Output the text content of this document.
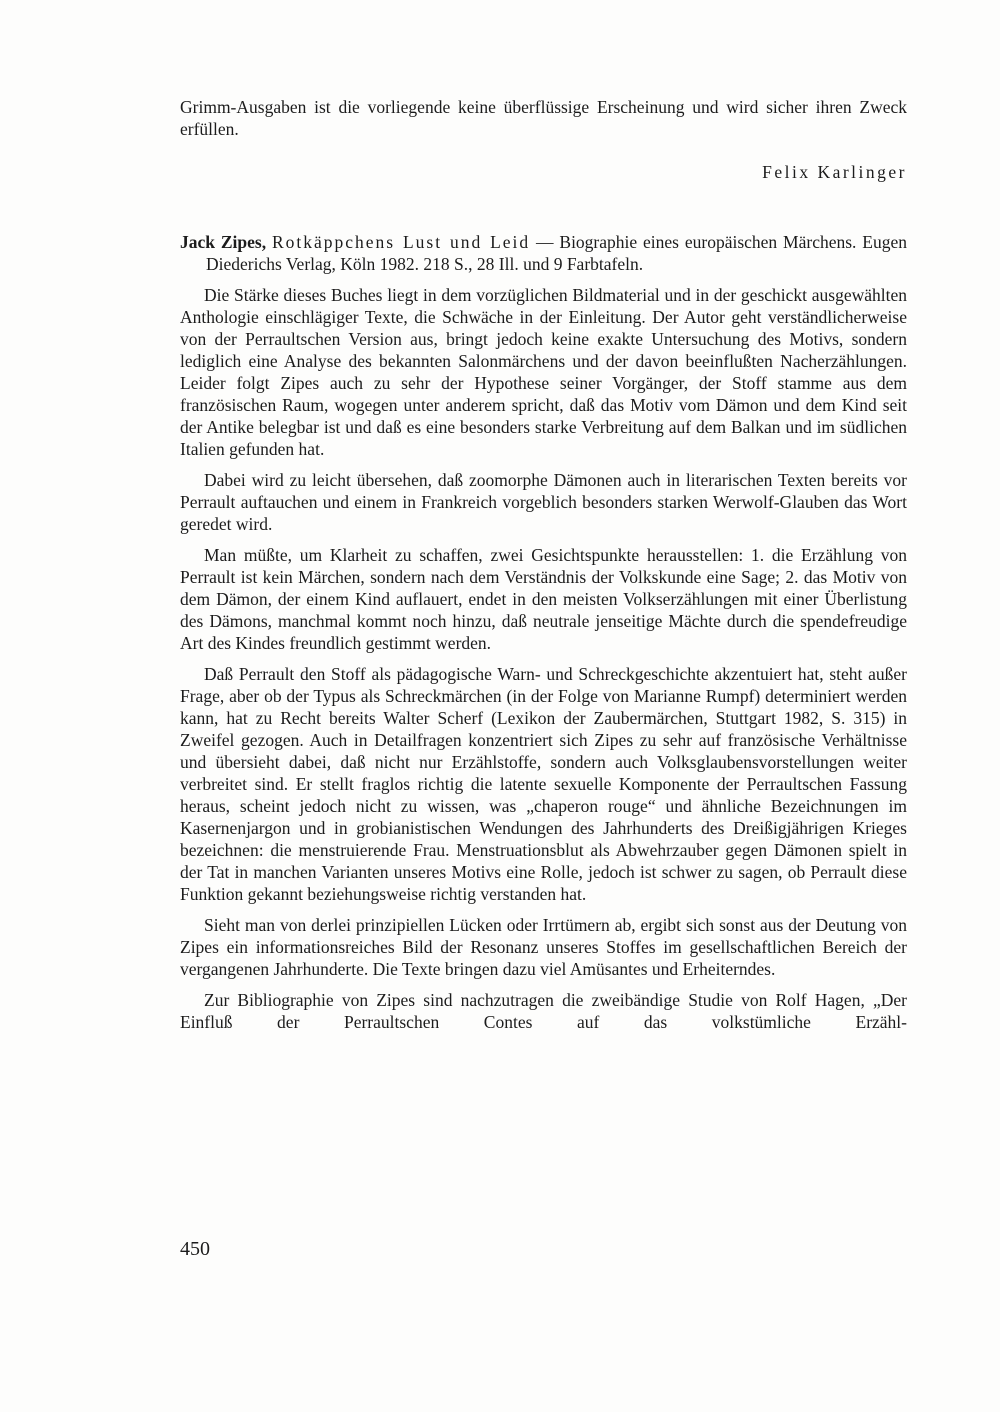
Grimm-Ausgaben ist die vorliegende keine überflüssige Erscheinung und wird sicher ihren Zweck erfüllen.

Felix Karlinger

Jack Zipes, Rotkäppchens Lust und Leid — Biographie eines europäischen Märchens. Eugen Diederichs Verlag, Köln 1982. 218 S., 28 Ill. und 9 Farbtafeln.

Die Stärke dieses Buches liegt in dem vorzüglichen Bildmaterial und in der geschickt ausgewählten Anthologie einschlägiger Texte, die Schwäche in der Einleitung. Der Autor geht verständlicherweise von der Perraultschen Version aus, bringt jedoch keine exakte Untersuchung des Motivs, sondern lediglich eine Analyse des bekannten Salonmärchens und der davon beeinflußten Nacherzählungen. Leider folgt Zipes auch zu sehr der Hypothese seiner Vorgänger, der Stoff stamme aus dem französischen Raum, wogegen unter anderem spricht, daß das Motiv vom Dämon und dem Kind seit der Antike belegbar ist und daß es eine besonders starke Verbreitung auf dem Balkan und im südlichen Italien gefunden hat.

Dabei wird zu leicht übersehen, daß zoomorphe Dämonen auch in literarischen Texten bereits vor Perrault auftauchen und einem in Frankreich vorgeblich besonders starken Werwolf-Glauben das Wort geredet wird.

Man müßte, um Klarheit zu schaffen, zwei Gesichtspunkte herausstellen: 1. die Erzählung von Perrault ist kein Märchen, sondern nach dem Verständnis der Volkskunde eine Sage; 2. das Motiv von dem Dämon, der einem Kind auflauert, endet in den meisten Volkserzählungen mit einer Überlistung des Dämons, manchmal kommt noch hinzu, daß neutrale jenseitige Mächte durch die spendefreudige Art des Kindes freundlich gestimmt werden.

Daß Perrault den Stoff als pädagogische Warn- und Schreckgeschichte akzentuiert hat, steht außer Frage, aber ob der Typus als Schreckmärchen (in der Folge von Marianne Rumpf) determiniert werden kann, hat zu Recht bereits Walter Scherf (Lexikon der Zaubermärchen, Stuttgart 1982, S. 315) in Zweifel gezogen. Auch in Detailfragen konzentriert sich Zipes zu sehr auf französische Verhältnisse und übersieht dabei, daß nicht nur Erzählstoffe, sondern auch Volksglaubensvorstellungen weiter verbreitet sind. Er stellt fraglos richtig die latente sexuelle Komponente der Perraultschen Fassung heraus, scheint jedoch nicht zu wissen, was „chaperon rouge“ und ähnliche Bezeichnungen im Kasernenjargon und in grobianistischen Wendungen des Jahrhunderts des Dreißigjährigen Krieges bezeichnen: die menstruierende Frau. Menstruationsblut als Abwehrzauber gegen Dämonen spielt in der Tat in manchen Varianten unseres Motivs eine Rolle, jedoch ist schwer zu sagen, ob Perrault diese Funktion gekannt beziehungsweise richtig verstanden hat.

Sieht man von derlei prinzipiellen Lücken oder Irrtümern ab, ergibt sich sonst aus der Deutung von Zipes ein informationsreiches Bild der Resonanz unseres Stoffes im gesellschaftlichen Bereich der vergangenen Jahrhunderte. Die Texte bringen dazu viel Amüsantes und Erheiterndes.

Zur Bibliographie von Zipes sind nachzutragen die zweibändige Studie von Rolf Hagen, „Der Einfluß der Perraultschen Contes auf das volkstümliche Erzähl-

450
